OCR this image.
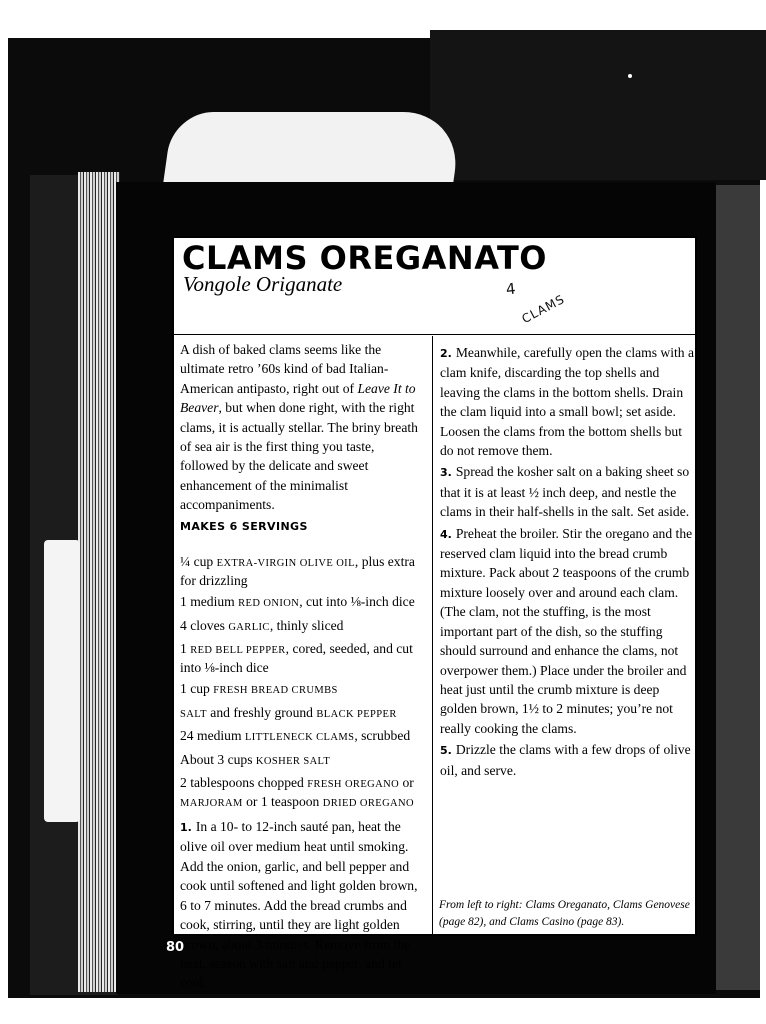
CLAMS OREGANATO
Vongole Origanate	4
CLAMS

A dish of baked clams seems like the ultimate retro ’60s kind of bad Italian-American antipasto, right out of Leave It to Beaver, but when done right, with the right clams, it is actually stellar. The briny breath of sea air is the first thing you taste, followed by the delicate and sweet enhancement of the minimalist accompaniments.

MAKES 6 SERVINGS

¼ cup EXTRA-VIRGIN OLIVE OIL, plus extra for drizzling

1 medium RED ONION, cut into ⅛-inch dice

4 cloves GARLIC, thinly sliced

1 RED BELL PEPPER, cored, seeded, and cut into ⅛-inch dice

1 cup FRESH BREAD CRUMBS

SALT and freshly ground BLACK PEPPER

24 medium LITTLENECK CLAMS, scrubbed

About 3 cups KOSHER SALT

2 tablespoons chopped FRESH OREGANO or MARJORAM or 1 teaspoon DRIED OREGANO

1. In a 10- to 12-inch sauté pan, heat the olive oil over medium heat until smoking. Add the onion, garlic, and bell pepper and cook until softened and light golden brown, 6 to 7 minutes. Add the bread crumbs and cook, stirring, until they are light golden brown, about 3 minutes. Remove from the heat, season with salt and pepper, and let cool.

2. Meanwhile, carefully open the clams with a clam knife, discarding the top shells and leaving the clams in the bottom shells. Drain the clam liquid into a small bowl; set aside. Loosen the clams from the bottom shells but do not remove them.

3. Spread the kosher salt on a baking sheet so that it is at least ½ inch deep, and nestle the clams in their half-shells in the salt. Set aside.

4. Preheat the broiler. Stir the oregano and the reserved clam liquid into the bread crumb mixture. Pack about 2 teaspoons of the crumb mixture loosely over and around each clam. (The clam, not the stuffing, is the most important part of the dish, so the stuffing should surround and enhance the clams, not overpower them.) Place under the broiler and heat just until the crumb mixture is deep golden brown, 1½ to 2 minutes; you’re not really cooking the clams.

5. Drizzle the clams with a few drops of olive oil, and serve.

From left to right: Clams Oreganato, Clams Genovese (page 82), and Clams Casino (page 83).
80
